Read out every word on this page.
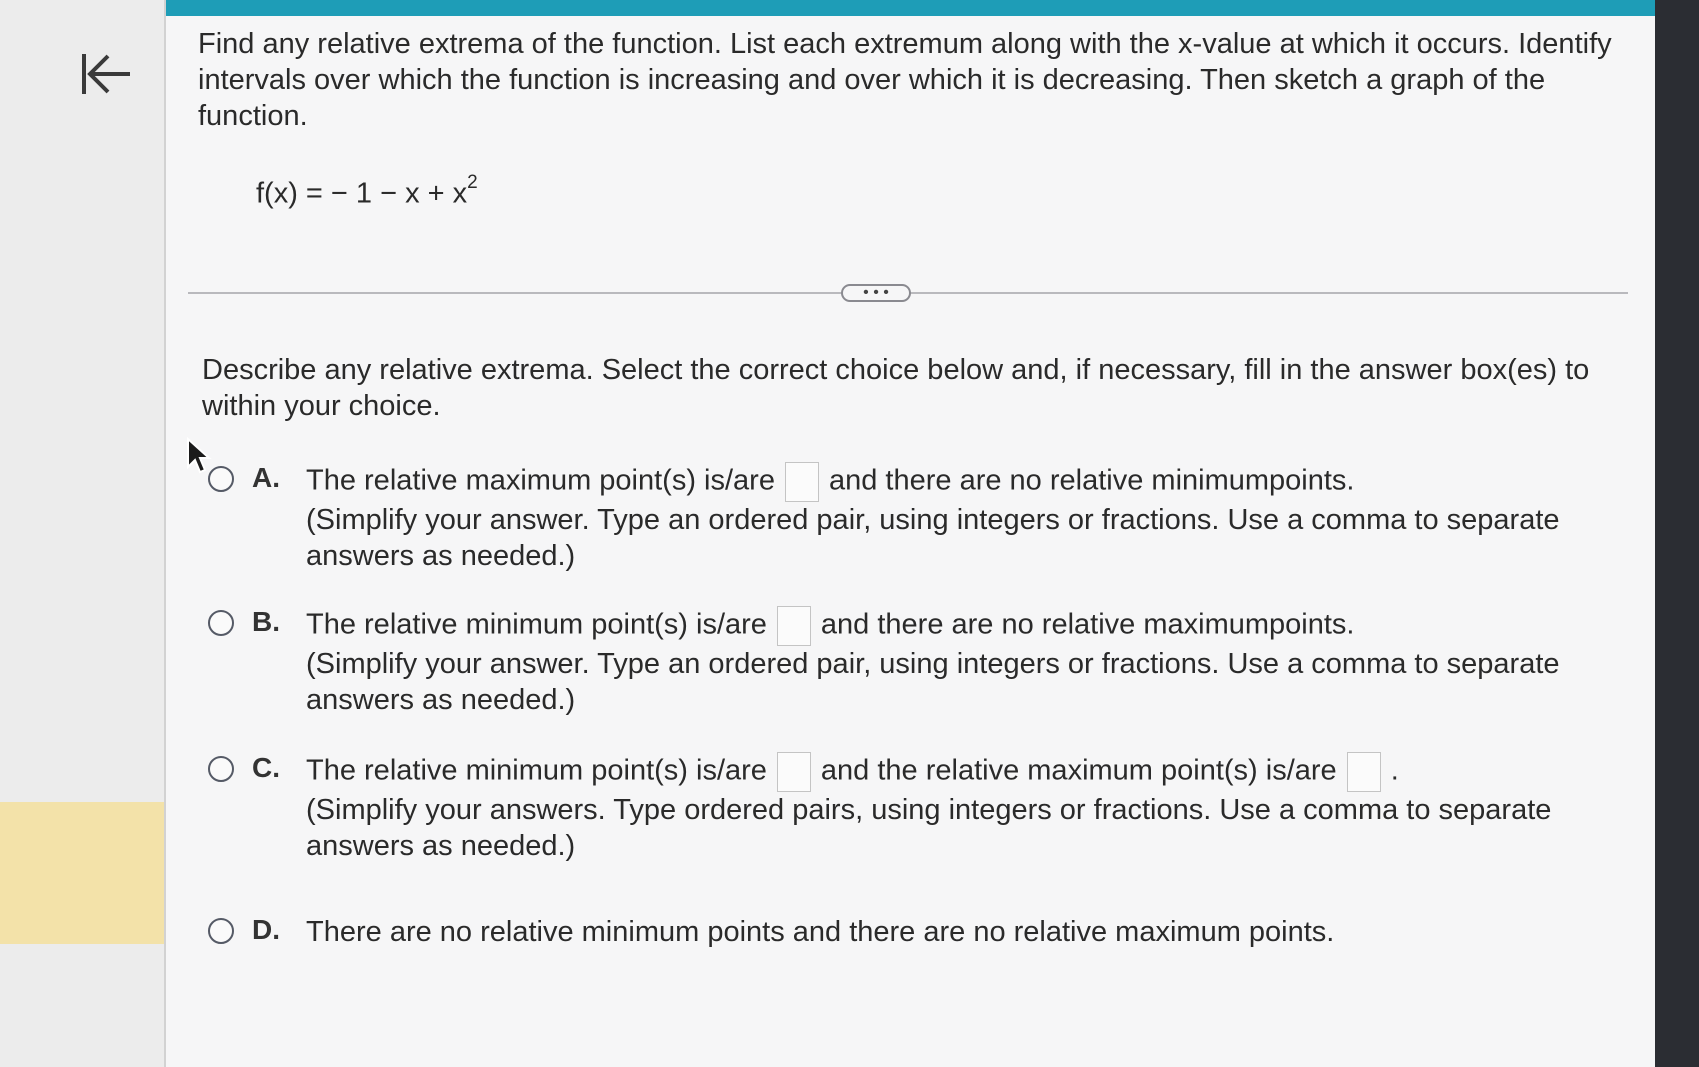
Find any relative extrema of the function. List each extremum along with the x-value at which it occurs. Identify intervals over which the function is increasing and over which it is decreasing. Then sketch a graph of the function.

f(x) = − $1 - x + x^2$
• • •

Describe any relative extrema. Select the correct choice below and, if necessary, fill in the answer box(es) to within your choice.

A. The relative maximum point(s) is/are and there are no relative minimumpoints.
(Simplify your answer. Type an ordered pair, using integers or fractions. Use a comma to separate answers as needed.)
B. The relative minimum point(s) is/are and there are no relative maximumpoints.
(Simplify your answer. Type an ordered pair, using integers or fractions. Use a comma to separate answers as needed.)
C. The relative minimum point(s) is/are and the relative maximum point(s) is/are .
(Simplify your answers. Type ordered pairs, using integers or fractions. Use a comma to separate answers as needed.)
D. There are no relative minimum points and there are no relative maximum points.
